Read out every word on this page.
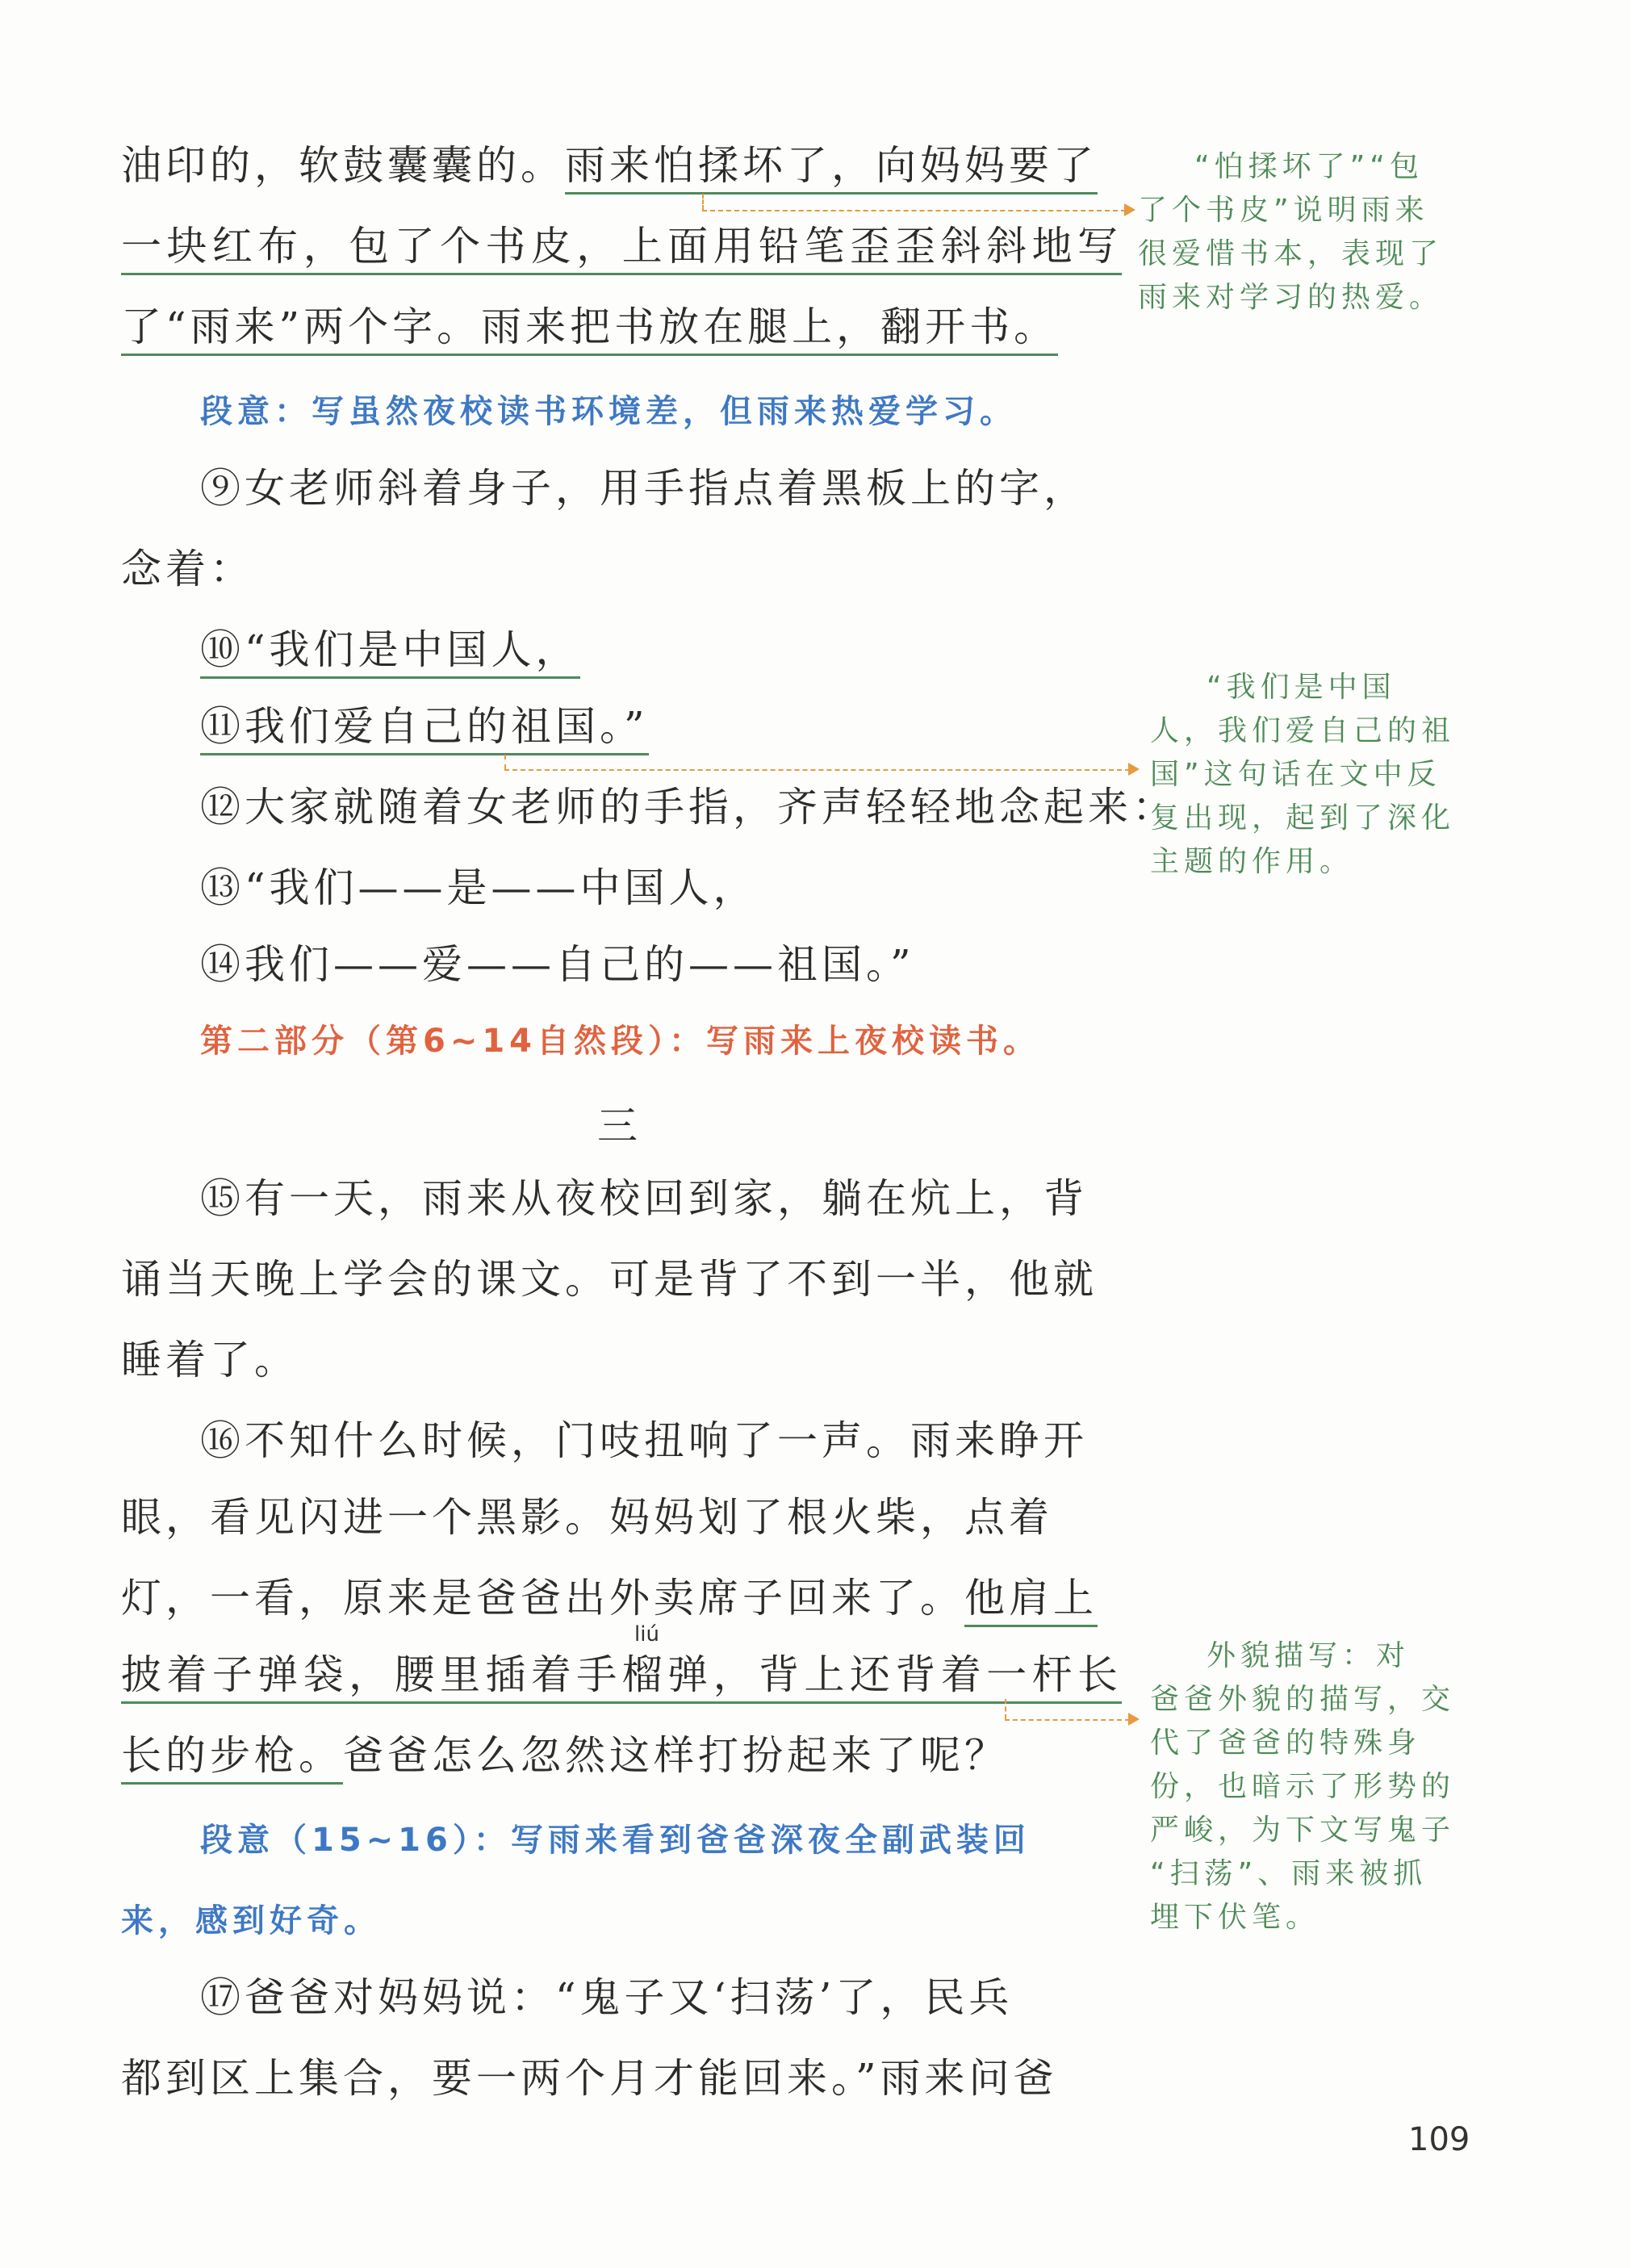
油印的，软鼓囊囊的。雨来怕揉坏了，向妈妈要了
一块红布，包了个书皮，上面用铅笔歪歪斜斜地写
了“雨来”两个字。雨来把书放在腿上，翻开书。
段意：写虽然夜校读书环境差，但雨来热爱学习。
⑨女老师斜着身子，用手指点着黑板上的字，
念着：
⑩“我们是中国人，
⑪我们爱自己的祖国。”
⑫大家就随着女老师的手指，齐声轻轻地念起来：
⑬“我们——是——中国人，
⑭我们——爱——自己的——祖国。”
第二部分（第6~14自然段）：写雨来上夜校读书。
三
⑮有一天，雨来从夜校回到家，躺在炕上，背
诵当天晚上学会的课文。可是背了不到一半，他就
睡着了。
⑯不知什么时候，门吱扭响了一声。雨来睁开
眼，看见闪进一个黑影。妈妈划了根火柴，点着
灯，一看，原来是爸爸出外卖席子回来了。他肩上
liú
披着子弹袋，腰里插着手榴弹，背上还背着一杆长
长的步枪。爸爸怎么忽然这样打扮起来了呢？
段意（15~16）：写雨来看到爸爸深夜全副武装回
来，感到好奇。
⑰爸爸对妈妈说：“鬼子又‘扫荡’了，民兵
都到区上集合，要一两个月才能回来。”雨来问爸
“怕揉坏了”“包
了个书皮”说明雨来
很爱惜书本，表现了
雨来对学习的热爱。
“我们是中国
人，我们爱自己的祖
国”这句话在文中反
复出现，起到了深化
主题的作用。
外貌描写：对
爸爸外貌的描写，交
代了爸爸的特殊身
份，也暗示了形势的
严峻，为下文写鬼子
“扫荡”、雨来被抓
埋下伏笔。
109
